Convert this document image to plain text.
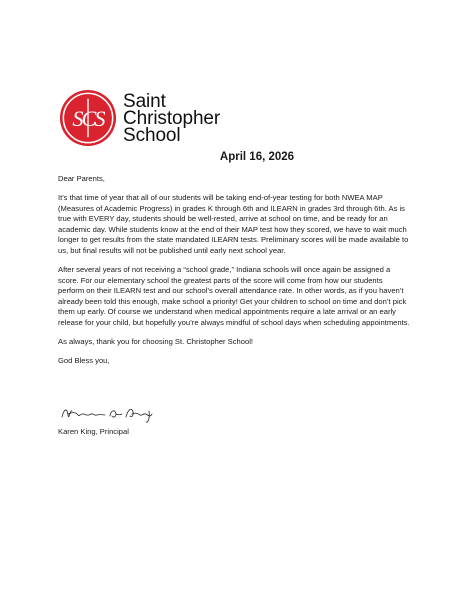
SCS
Saint
Christopher
School
April 16, 2026

Dear Parents,

It's that time of year that all of our students will be taking end-of-year testing for both NWEA MAP (Measures of Academic Progress) in grades K through 6th and ILEARN in grades 3rd through 6th. As is true with EVERY day, students should be well-rested, arrive at school on time, and be ready for an academic day. While students know at the end of their MAP test how they scored, we have to wait much longer to get results from the state mandated ILEARN tests. Preliminary scores will be made available to us, but final results will not be published until early next school year.

After several years of not receiving a “school grade,” Indiana schools will once again be assigned a score. For our elementary school the greatest parts of the score will come from how our students perform on their ILEARN test and our school’s overall attendance rate. In other words, as if you haven’t already been told this enough, make school a priority! Get your children to school on time and don’t pick them up early. Of course we understand when medical appointments require a late arrival or an early release for your child, but hopefully you’re always mindful of school days when scheduling appointments.

As always, thank you for choosing St. Christopher School!

God Bless you,

Karen King, Principal
